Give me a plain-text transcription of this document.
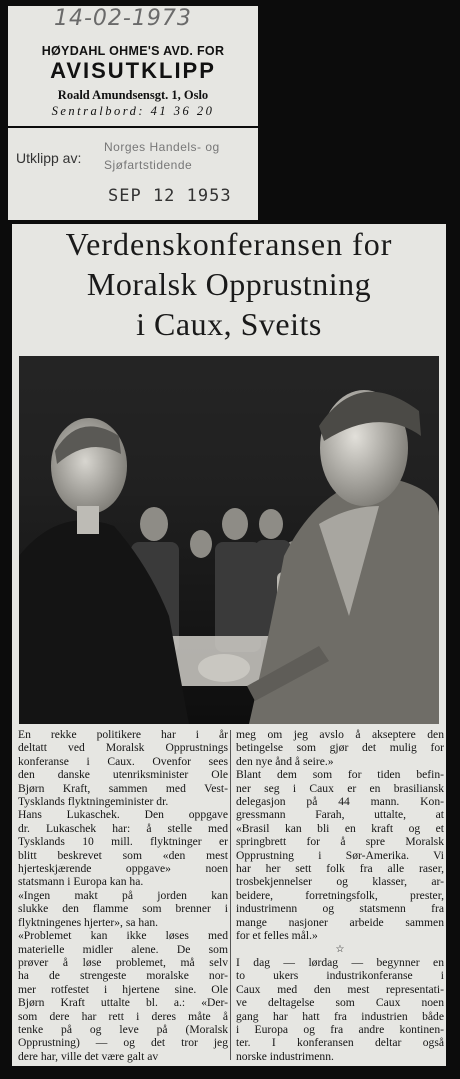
14-02-1973
HØYDAHL OHME'S AVD. FOR
AVISUTKLIPP
Roald Amundsensgt. 1, Oslo
Sentralbord: 41 36 20
Utklipp av:
Norges Handels- og
Sjøfartstidende
SEP 12 1953
Verdenskonferansen for
Moralsk Opprustning
i Caux, Sveits

En rekke politikere har i år

deltatt ved Moralsk Opprustnings

konferanse i Caux. Ovenfor sees

den danske utenriksminister Ole

Bjørn Kraft, sammen med Vest-

Tysklands flyktningeminister dr.

Hans Lukaschek. Den oppgave

dr. Lukaschek har: å stelle med

Tysklands 10 mill. flyktninger er

blitt beskrevet som «den mest

hjerteskjærende oppgave» noen

statsmann i Europa kan ha.

«Ingen makt på jorden kan

slukke den flamme som brenner i

flyktningenes hjerter», sa han.

«Problemet kan ikke løses med

materielle midler alene. De som

prøver å løse problemet, må selv

ha de strengeste moralske nor-

mer rotfestet i hjertene sine. Ole

Bjørn Kraft uttalte bl. a.: «Der-

som dere har rett i deres måte å

tenke på og leve på (Moralsk

Opprustning) — og det tror jeg

dere har, ville det være galt av

meg om jeg avslo å akseptere den

betingelse som gjør det mulig for

den nye ånd å seire.»

Blant dem som for tiden befin-

ner seg i Caux er en brasiliansk

delegasjon på 44 mann. Kon-

gressmann Farah, uttalte, at

«Brasil kan bli en kraft og et

springbrett for å spre Moralsk

Opprustning i Sør-Amerika. Vi

har her sett folk fra alle raser,

trosbekjennelser og klasser, ar-

beidere, forretningsfolk, prester,

industrimenn og statsmenn fra

mange nasjoner arbeide sammen

for et felles mål.»

☆

I dag — lørdag — begynner en

to ukers industrikonferanse i

Caux med den mest representati-

ve deltagelse som Caux noen

gang har hatt fra industrien både

i Europa og fra andre kontinen-

ter. I konferansen deltar også

norske industrimenn.
